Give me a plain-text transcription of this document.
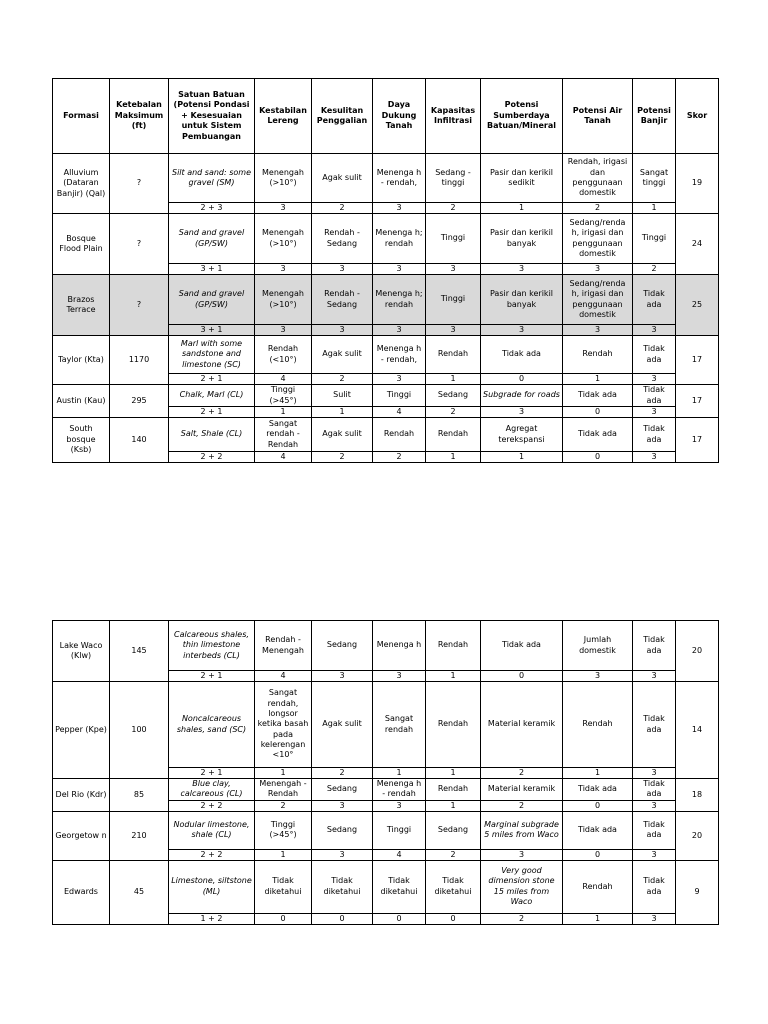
Formasi	Ketebalan Maksimum (ft)	Satuan Batuan (Potensi Pondasi + Kesesuaian untuk Sistem Pembuangan	Kestabilan Lereng	Kesulitan Penggalian	Daya Dukung Tanah	Kapasitas Infiltrasi	Potensi Sumberdaya Batuan/Mineral	Potensi Air Tanah	Potensi Banjir	Skor
Alluvium (Dataran Banjir) (Qal)	?	Silt and sand: some gravel (SM)	Menengah (>10°)	Agak sulit	Menenga h - rendah,	Sedang - tinggi	Pasir dan kerikil sedikit	Rendah, irigasi dan penggunaan domestik	Sangat tinggi	19
		2 + 3	3	2	3	2	1	2	1	
Bosque Flood Plain	?	Sand and gravel (GP/SW)	Menengah (>10°)	Rendah - Sedang	Menenga h; rendah	Tinggi	Pasir dan kerikil banyak	Sedang/renda h, irigasi dan penggunaan domestik	Tinggi	24
		3 + 1	3	3	3	3	3	3	2	
Brazos Terrace	?	Sand and gravel (GP/SW)	Menengah (>10°)	Rendah - Sedang	Menenga h; rendah	Tinggi	Pasir dan kerikil banyak	Sedang/renda h, irigasi dan penggunaan domestik	Tidak ada	25
		3 + 1	3	3	3	3	3	3	3	
Taylor (Kta)	1170	Marl with some sandstone and limestone (SC)	Rendah (<10°)	Agak sulit	Menenga h - rendah,	Rendah	Tidak ada	Rendah	Tidak ada	17
		2 + 1	4	2	3	1	0	1	3	
Austin (Kau)	295	Chalk, Marl (CL)	Tinggi (>45°)	Sulit	Tinggi	Sedang	Subgrade for roads	Tidak ada	Tidak ada	17
		2 + 1	1	1	4	2	3	0	3	
South bosque (Ksb)	140	Salt, Shale (CL)	Sangat rendah - Rendah	Agak sulit	Rendah	Rendah	Agregat terekspansi	Tidak ada	Tidak ada	17
		2 + 2	4	2	2	1	1	0	3	
Lake Waco (Klw)	145	Calcareous shales, thin limestone interbeds (CL)	Rendah - Menengah	Sedang	Menenga h	Rendah	Tidak ada	Jumlah domestik	Tidak ada	20
		2 + 1	4	3	3	1	0	3	3	
Pepper (Kpe)	100	Noncalcareous shales, sand (SC)	Sangat rendah, longsor ketika basah pada kelerengan <10°	Agak sulit	Sangat rendah	Rendah	Material keramik	Rendah	Tidak ada	14
		2 + 1	1	2	1	1	2	1	3	
Del Rio (Kdr)	85	Blue clay, calcareous (CL)	Menengah - Rendah	Sedang	Menenga h - rendah	Rendah	Material keramik	Tidak ada	Tidak ada	18
		2 + 2	2	3	3	1	2	0	3	
Georgetow n	210	Nodular limestone, shale (CL)	Tinggi (>45°)	Sedang	Tinggi	Sedang	Marginal subgrade 5 miles from Waco	Tidak ada	Tidak ada	20
		2 + 2	1	3	4	2	3	0	3	
Edwards	45	Limestone, siltstone (ML)	Tidak diketahui	Tidak diketahui	Tidak diketahui	Tidak diketahui	Very good dimension stone 15 miles from Waco	Rendah	Tidak ada	9
		1 + 2	0	0	0	0	2	1	3	
